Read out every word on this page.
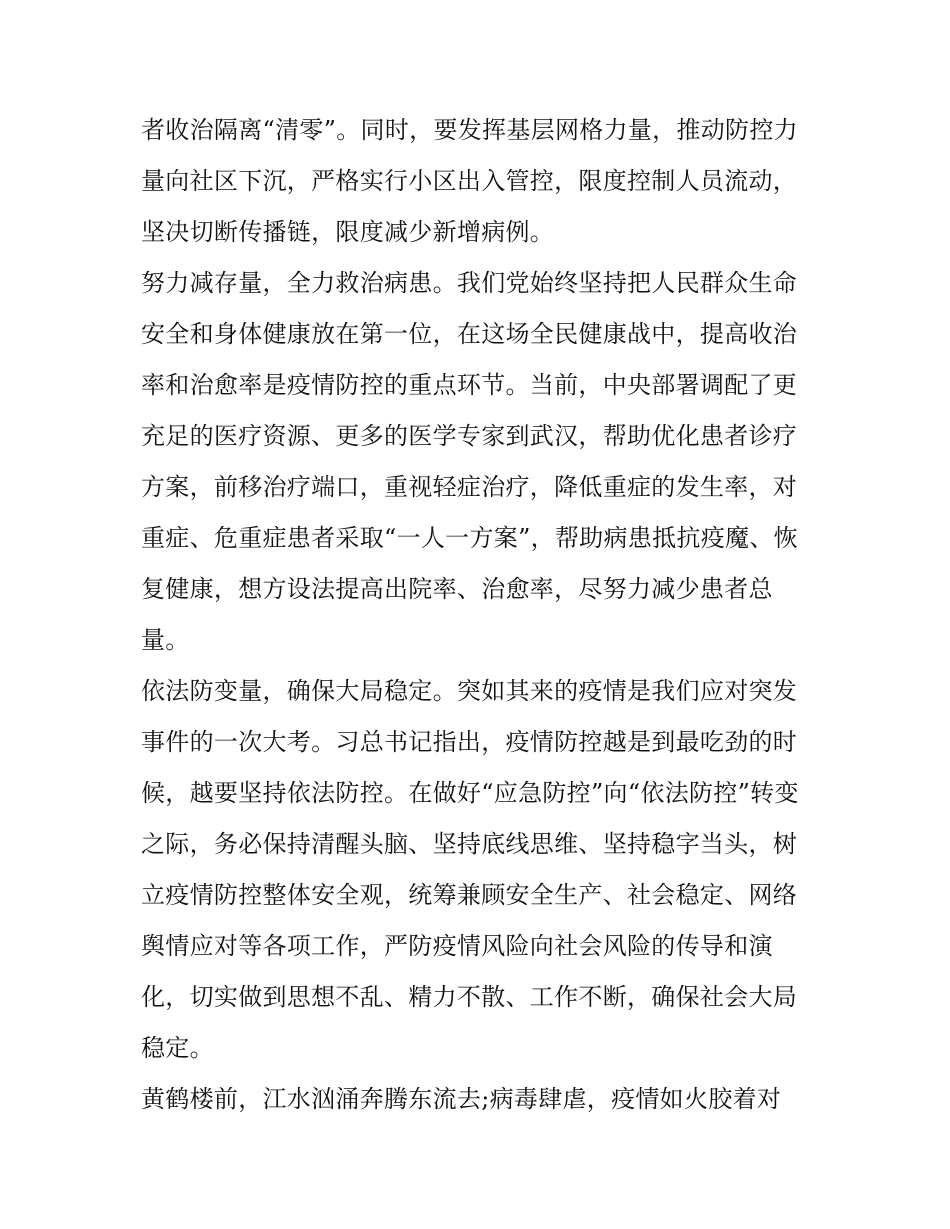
者收治隔离“清零”。同时，要发挥基层网格力量，推动防控力
量向社区下沉，严格实行小区出入管控，限度控制人员流动，
坚决切断传播链，限度减少新增病例。
努力减存量，全力救治病患。我们党始终坚持把人民群众生命
安全和身体健康放在第一位，在这场全民健康战中，提高收治
率和治愈率是疫情防控的重点环节。当前，中央部署调配了更
充足的医疗资源、更多的医学专家到武汉，帮助优化患者诊疗
方案，前移治疗端口，重视轻症治疗，降低重症的发生率，对
重症、危重症患者采取“一人一方案”，帮助病患抵抗疫魔、恢
复健康，想方设法提高出院率、治愈率，尽努力减少患者总
量。
依法防变量，确保大局稳定。突如其来的疫情是我们应对突发
事件的一次大考。习总书记指出，疫情防控越是到最吃劲的时
候，越要坚持依法防控。在做好“应急防控”向“依法防控”转变
之际，务必保持清醒头脑、坚持底线思维、坚持稳字当头，树
立疫情防控整体安全观，统筹兼顾安全生产、社会稳定、网络
舆情应对等各项工作，严防疫情风险向社会风险的传导和演
化，切实做到思想不乱、精力不散、工作不断，确保社会大局
稳定。
黄鹤楼前，江水汹涌奔腾东流去;病毒肆虐，疫情如火胶着对
